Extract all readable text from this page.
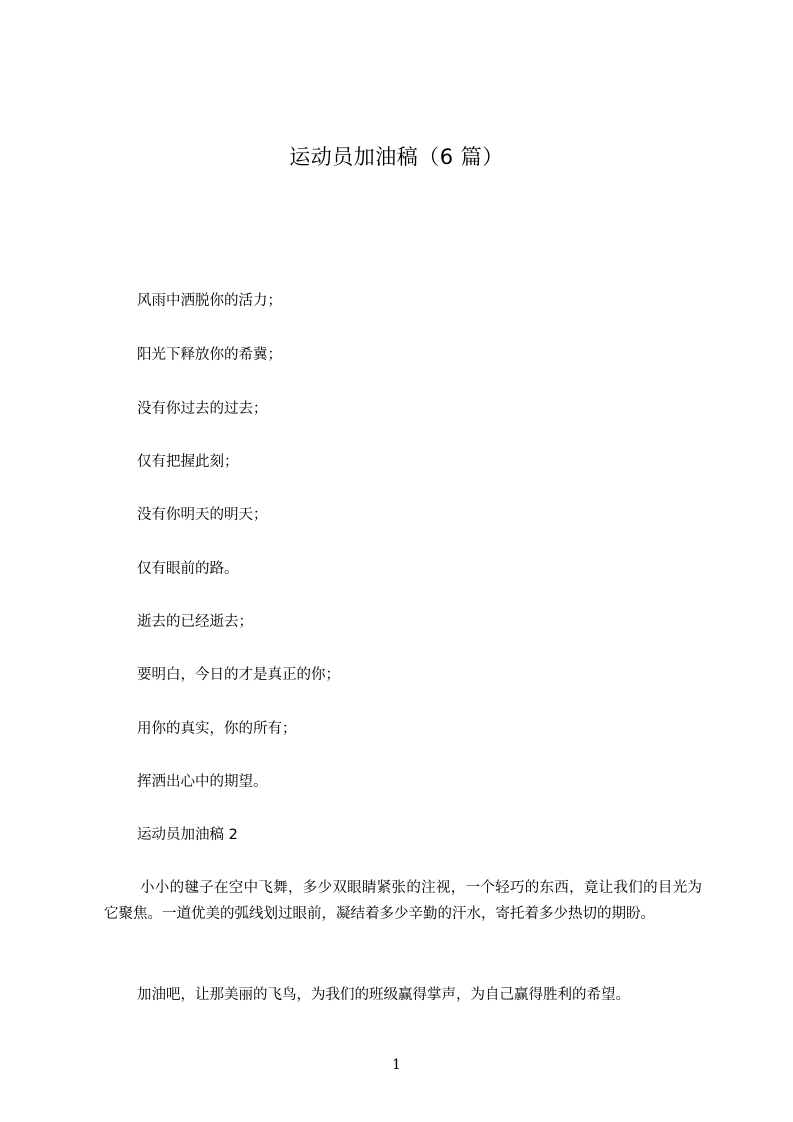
运动员加油稿（6 篇）
风雨中洒脱你的活力；
阳光下释放你的希冀；
没有你过去的过去；
仅有把握此刻；
没有你明天的明天；
仅有眼前的路。
逝去的已经逝去；
要明白，今日的才是真正的你；
用你的真实，你的所有；
挥洒出心中的期望。
运动员加油稿 2
小小的毽子在空中飞舞，多少双眼睛紧张的注视，一个轻巧的东西，竟让我们的目光为它聚焦。一道优美的弧线划过眼前，凝结着多少辛勤的汗水，寄托着多少热切的期盼。
加油吧，让那美丽的飞鸟，为我们的班级赢得掌声，为自己赢得胜利的希望。
1
